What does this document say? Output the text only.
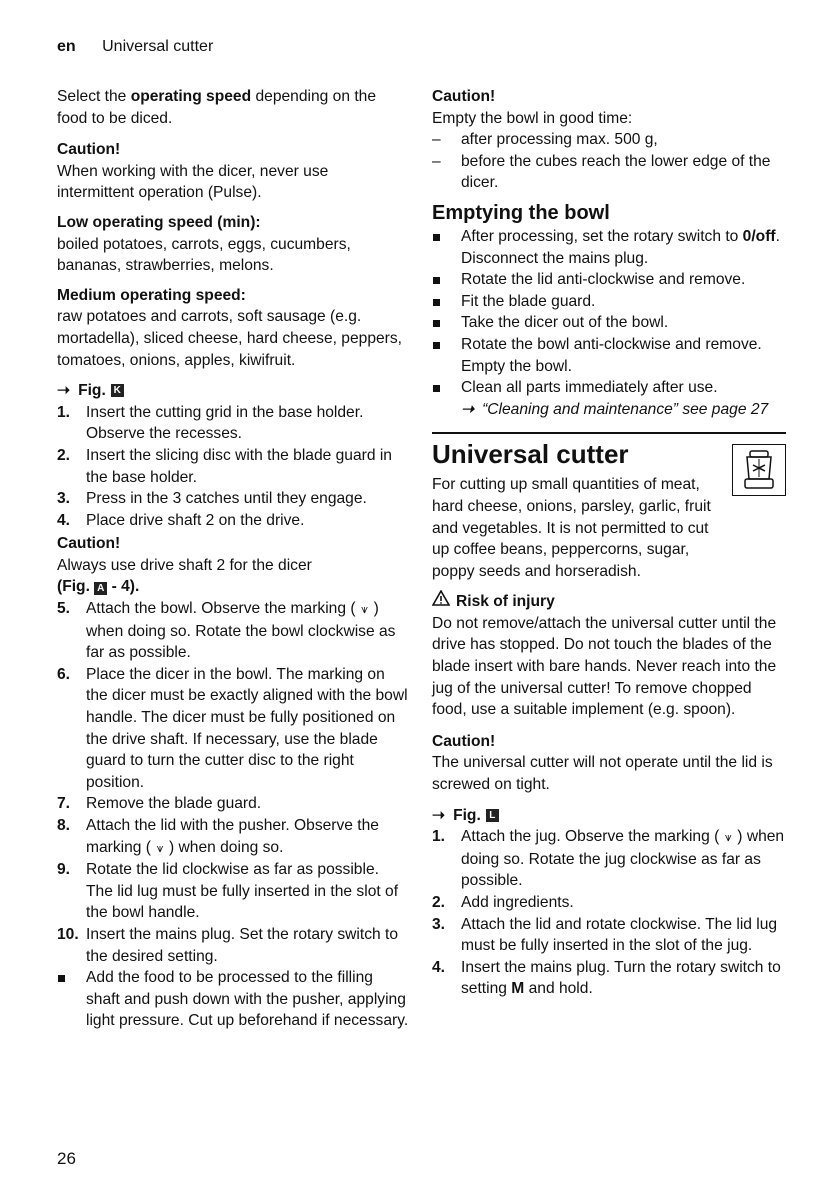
en Universal cutter

Select the operating speed depending on the food to be diced.

Caution!

When working with the dicer, never use intermittent operation (Pulse).

Low operating speed (min):

boiled potatoes, carrots, eggs, cucumbers, bananas, strawberries, melons.

Medium operating speed:

raw potatoes and carrots, soft sausage (e.g. mortadella), sliced cheese, hard cheese, peppers, tomatoes, onions, apples, kiwifruit.

➝ Fig. K
1. Insert the cutting grid in the base holder. Observe the recesses.
2. Insert the slicing disc with the blade guard in the base holder.
3. Press in the 3 catches until they engage.
4. Place drive shaft 2 on the drive.

Caution!

Always use drive shaft 2 for the dicer
(Fig. A - 4).

5. Attach the bowl. Observe the marking ( ⩛ ) when doing so. Rotate the bowl clockwise as far as possible.
6. Place the dicer in the bowl. The marking on the dicer must be exactly aligned with the bowl handle. The dicer must be fully positioned on the drive shaft. If necessary, use the blade guard to turn the cutter disc to the right position.
7. Remove the blade guard.
8. Attach the lid with the pusher. Observe the marking ( ⩛ ) when doing so.
9. Rotate the lid clockwise as far as possible. The lid lug must be fully inserted in the slot of the bowl handle.
10. Insert the mains plug. Set the rotary switch to the desired setting.
Add the food to be processed to the filling shaft and push down with the pusher, applying light pressure. Cut up beforehand if necessary.

Caution!

Empty the bowl in good time:

– after processing max. 500 g,
– before the cubes reach the lower edge of the dicer.

Emptying the bowl

After processing, set the rotary switch to 0/off. Disconnect the mains plug.
Rotate the lid anti-clockwise and remove.
Fit the blade guard.
Take the dicer out of the bowl.
Rotate the bowl anti-clockwise and remove. Empty the bowl.
Clean all parts immediately after use.
➝ “Cleaning and maintenance” see page 27
Universal cutter

For cutting up small quantities of meat, hard cheese, onions, parsley, garlic, fruit and vegetables. It is not permitted to cut up coffee beans, peppercorns, sugar, poppy seeds and horseradish.

Risk of injury

Do not remove/attach the universal cutter until the drive has stopped. Do not touch the blades of the blade insert with bare hands. Never reach into the jug of the universal cutter! To remove chopped food, use a suitable implement (e.g. spoon).

Caution!

The universal cutter will not operate until the lid is screwed on tight.

➝ Fig. L
1. Attach the jug. Observe the marking ( ⩛ ) when doing so. Rotate the jug clockwise as far as possible.
2. Add ingredients.
3. Attach the lid and rotate clockwise. The lid lug must be fully inserted in the slot of the jug.
4. Insert the mains plug. Turn the rotary switch to setting M and hold.
26
